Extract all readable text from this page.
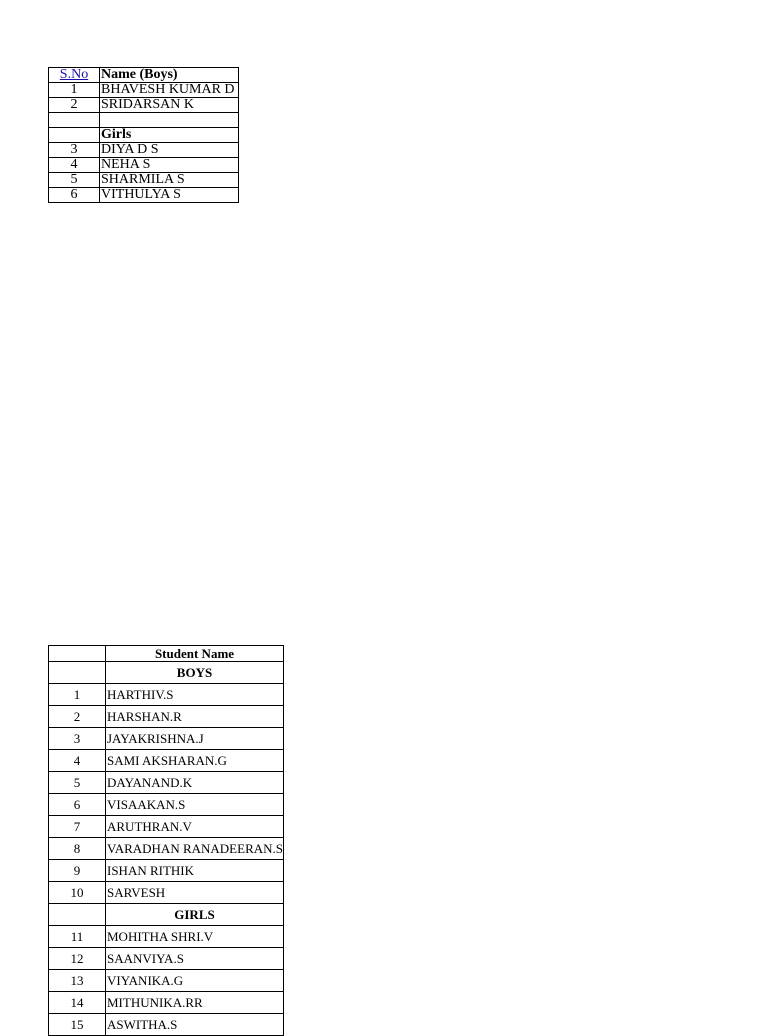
S.No	Name (Boys)
1	BHAVESH KUMAR D
2	SRIDARSAN K

	Girls
3	DIYA D S
4	NEHA S
5	SHARMILA S
6	VITHULYA S
	Student Name
	BOYS
1	HARTHIV.S
2	HARSHAN.R
3	JAYAKRISHNA.J
4	SAMI AKSHARAN.G
5	DAYANAND.K
6	VISAAKAN.S
7	ARUTHRAN.V
8	VARADHAN RANADEERAN.S
9	ISHAN RITHIK
10	SARVESH
	GIRLS
11	MOHITHA SHRI.V
12	SAANVIYA.S
13	VIYANIKA.G
14	MITHUNIKA.RR
15	ASWITHA.S
